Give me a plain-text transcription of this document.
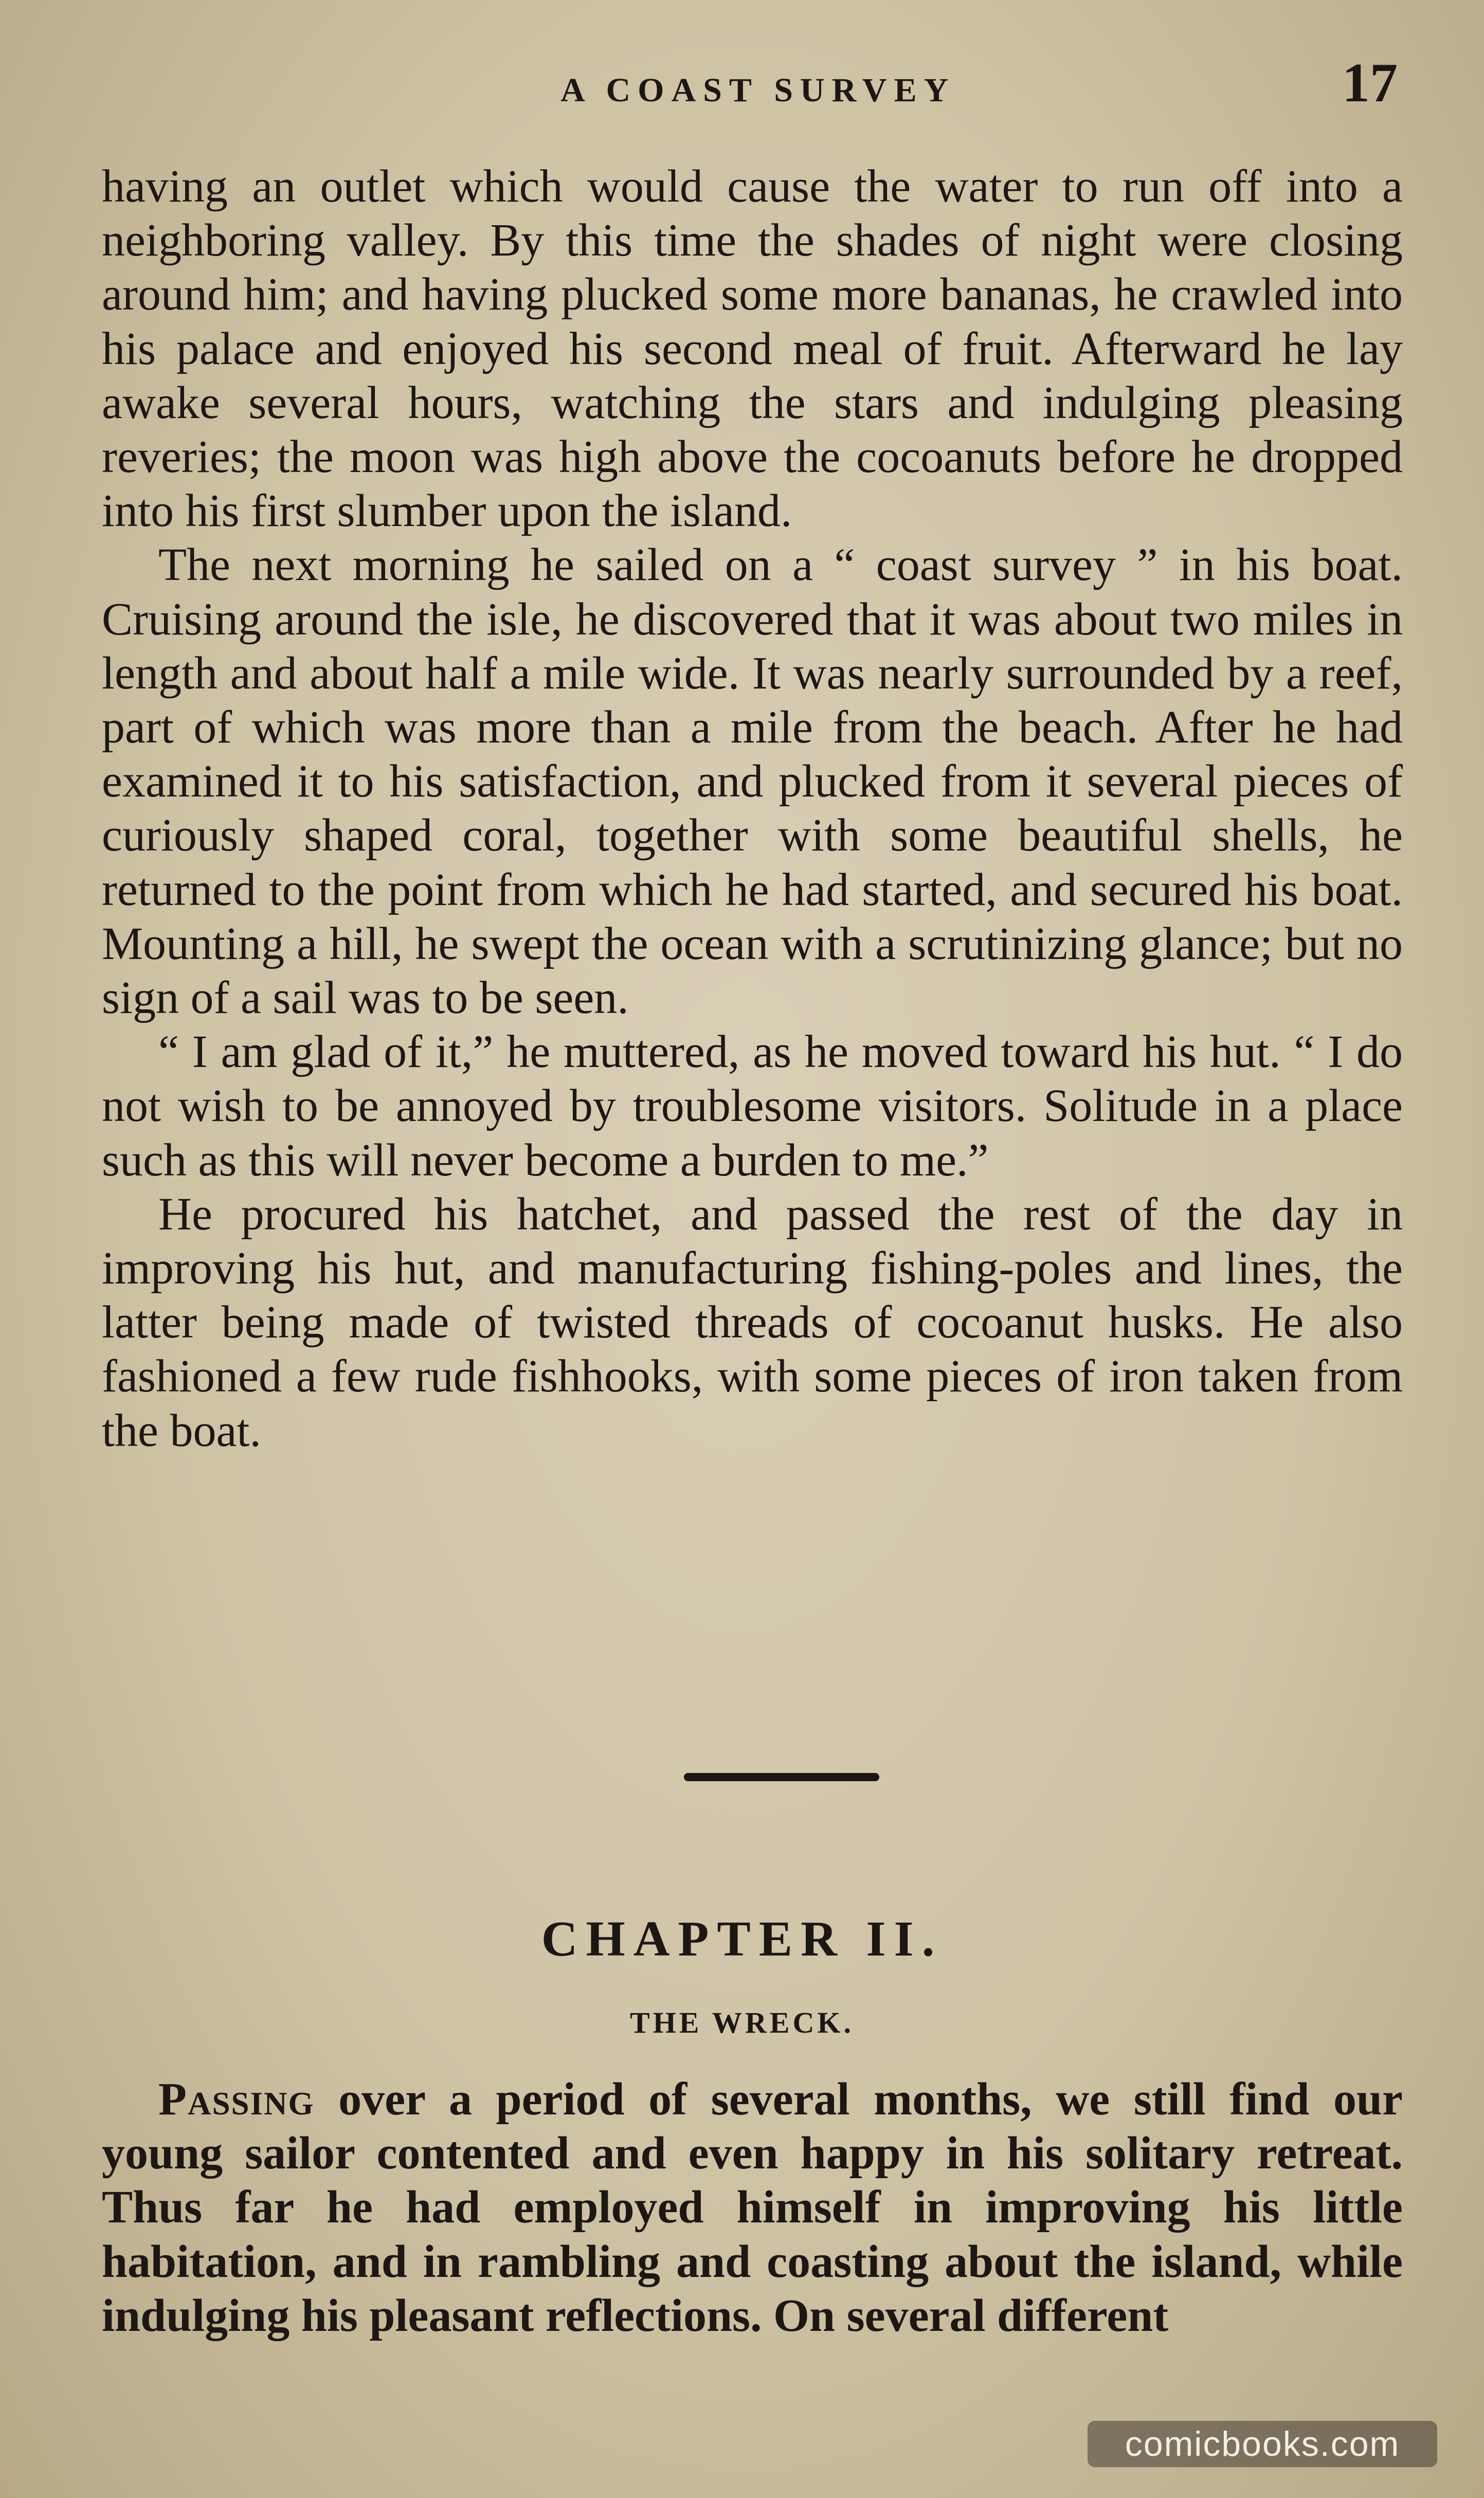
A COAST SURVEY	17

having an outlet which would cause the water to run off into a neighboring valley. By this time the shades of night were closing around him; and having plucked some more bananas, he crawled into his palace and enjoyed his second meal of fruit. Afterward he lay awake several hours, watching the stars and indulging pleasing reveries; the moon was high above the cocoanuts before he dropped into his first slumber upon the island.

The next morning he sailed on a “ coast survey ” in his boat. Cruising around the isle, he discovered that it was about two miles in length and about half a mile wide. It was nearly surrounded by a reef, part of which was more than a mile from the beach. After he had examined it to his satisfaction, and plucked from it several pieces of curiously shaped coral, together with some beautiful shells, he returned to the point from which he had started, and secured his boat. Mounting a hill, he swept the ocean with a scrutinizing glance; but no sign of a sail was to be seen.

“ I am glad of it,” he muttered, as he moved toward his hut. “ I do not wish to be annoyed by troublesome visitors. Solitude in a place such as this will never become a burden to me.”

He procured his hatchet, and passed the rest of the day in improving his hut, and manufacturing fishing-poles and lines, the latter being made of twisted threads of cocoanut husks. He also fashioned a few rude fishhooks, with some pieces of iron taken from the boat.

CHAPTER II.
THE WRECK.

Passing over a period of several months, we still find our young sailor contented and even happy in his solitary retreat. Thus far he had employed himself in improving his little habitation, and in rambling and coasting about the island, while indulging his pleasant reflections. On several different

comicbooks.com
